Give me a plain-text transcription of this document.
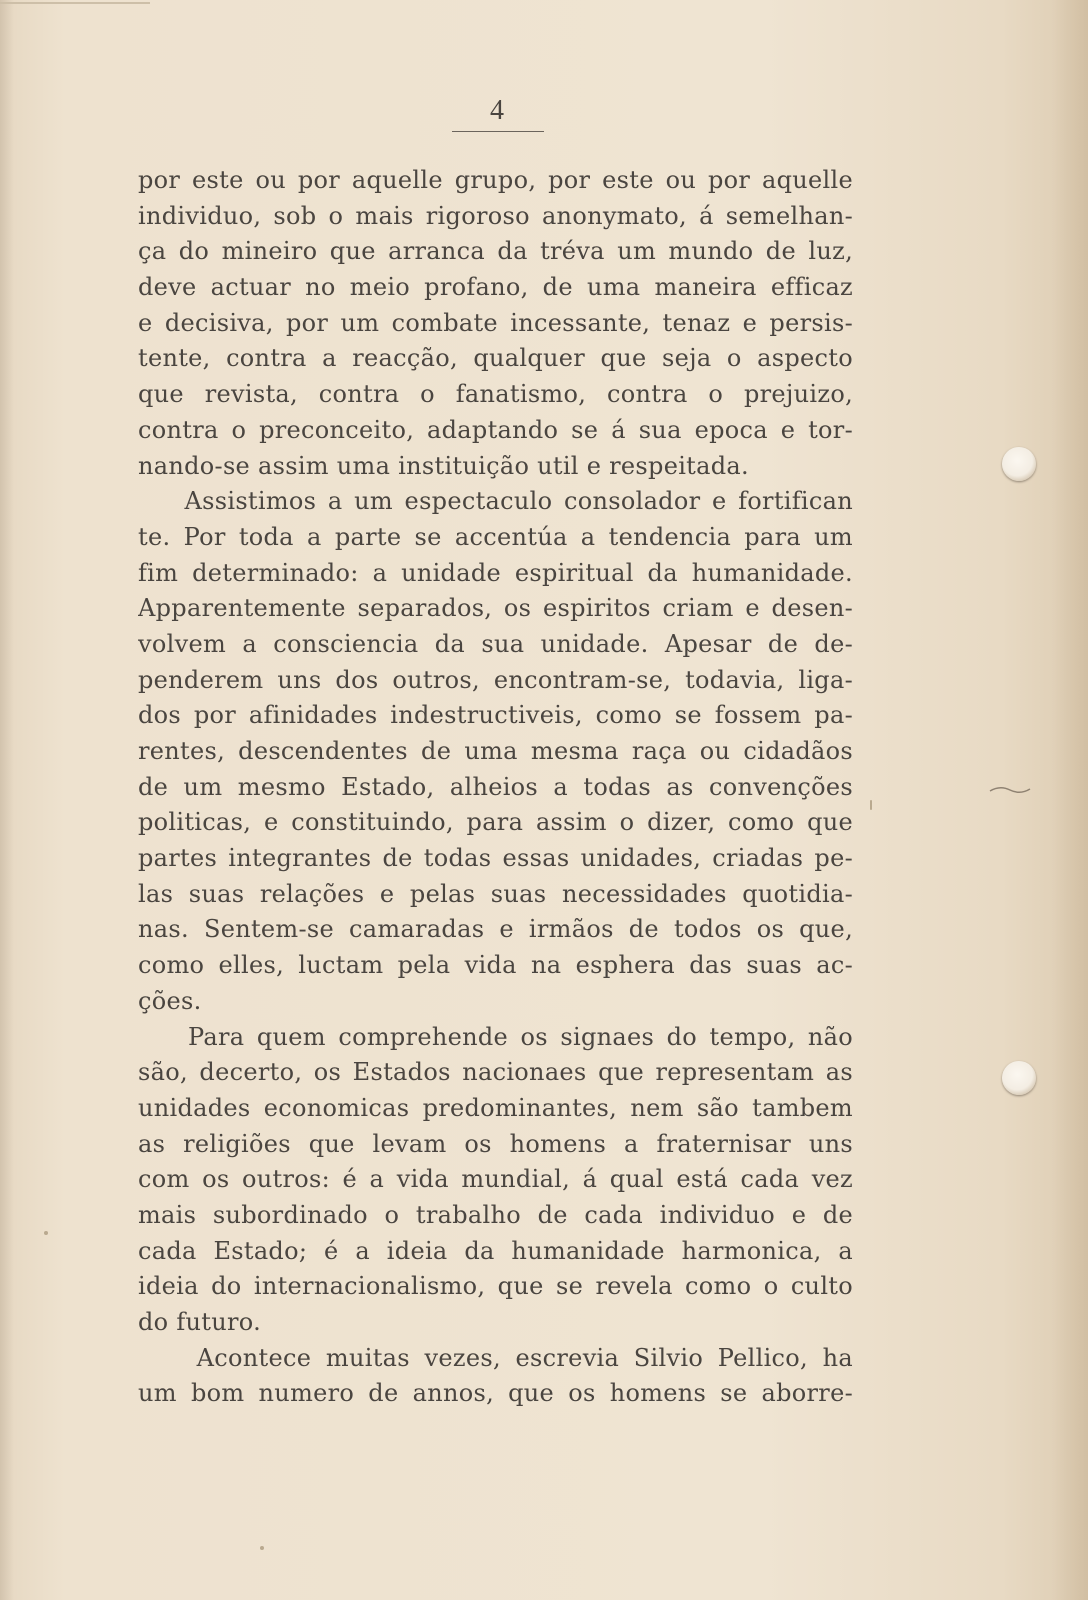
4
por este ou por aquelle grupo, por este ou por aquelle
individuo, sob o mais rigoroso anonymato, á semelhan-
ça do mineiro que arranca da tréva um mundo de luz,
deve actuar no meio profano, de uma maneira efficaz
e decisiva, por um combate incessante, tenaz e persis-
tente, contra a reacção, qualquer que seja o aspecto
que revista, contra o fanatismo, contra o prejuizo,
contra o preconceito, adaptando se á sua epoca e tor-
nando-se assim uma instituição util e respeitada.
Assistimos a um espectaculo consolador e fortifican
te. Por toda a parte se accentúa a tendencia para um
fim determinado: a unidade espiritual da humanidade.
Apparentemente separados, os espiritos criam e desen-
volvem a consciencia da sua unidade. Apesar de de-
penderem uns dos outros, encontram-se, todavia, liga-
dos por afinidades indestructiveis, como se fossem pa-
rentes, descendentes de uma mesma raça ou cidadãos
de um mesmo Estado, alheios a todas as convenções
politicas, e constituindo, para assim o dizer, como que
partes integrantes de todas essas unidades, criadas pe-
las suas relações e pelas suas necessidades quotidia-
nas. Sentem-se camaradas e irmãos de todos os que,
como elles, luctam pela vida na esphera das suas ac-
ções.
Para quem comprehende os signaes do tempo, não
são, decerto, os Estados nacionaes que representam as
unidades economicas predominantes, nem são tambem
as religiões que levam os homens a fraternisar uns
com os outros: é a vida mundial, á qual está cada vez
mais subordinado o trabalho de cada individuo e de
cada Estado; é a ideia da humanidade harmonica, a
ideia do internacionalismo, que se revela como o culto
do futuro.
Acontece muitas vezes, escrevia Silvio Pellico, ha
um bom numero de annos, que os homens se aborre-
